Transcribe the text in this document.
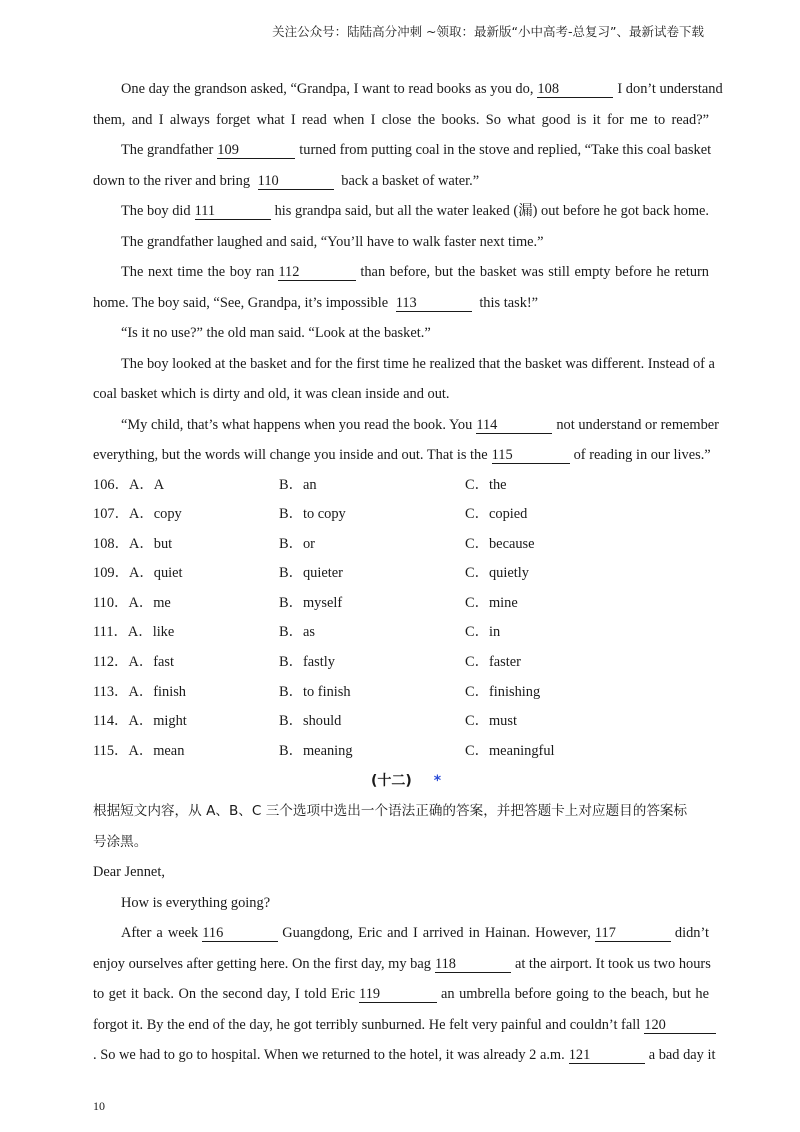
关注公众号：陆陆高分冲刺 ~领取：最新版“小中高考-总复习”、最新试卷下载

One day the grandson asked, “Grandpa, I want to read books as you do, 108	I don’t understand

them, and I always forget what I read when I close the books. So what good is it for me to read?”

The grandfather 109	turned from putting coal in the stove and replied, “Take this coal basket

down to the river and bring 110	back a basket of water.”

The boy did 111	his grandpa said, but all the water leaked (漏) out before he got back home.

The grandfather laughed and said, “You’ll have to walk faster next time.”

The next time the boy ran 112	than before, but the basket was still empty before he return

home. The boy said, “See, Grandpa, it’s impossible 113	this task!”

“Is it no use?” the old man said. “Look at the basket.”

The boy looked at the basket and for the first time he realized that the basket was different. Instead of a

coal basket which is dirty and old, it was clean inside and out.

“My child, that’s what happens when you read the book. You 114	not understand or remember

everything, but the words will change you inside and out. That is the 115	of reading in our lives.”

106．A．A	B．an	C．the
107．A．copy	B．to copy	C．copied
108．A．but	B．or	C．because
109．A．quiet	B．quieter	C．quietly
110．A．me	B．myself	C．mine
111．A．like	B．as	C．in
112．A．fast	B．fastly	C．faster
113．A．finish	B．to finish	C．finishing
114．A．might	B．should	C．must
115．A．mean	B．meaning	C．meaningful
(十二) *

根据短文内容，从 A、B、C 三个选项中选出一个语法正确的答案，并把答题卡上对应题目的答案标

号涂黑。

Dear Jennet,

How is everything going?

After a week 116	Guangdong, Eric and I arrived in Hainan. However, 117	didn’t

enjoy ourselves after getting here. On the first day, my bag 118	at the airport. It took us two hours

to get it back. On the second day, I told Eric 119	an umbrella before going to the beach, but he

forgot it. By the end of the day, he got terribly sunburned. He felt very painful and couldn’t fall 120

. So we had to go to hospital. When we returned to the hotel, it was already 2 a.m. 121	a bad day it

10
